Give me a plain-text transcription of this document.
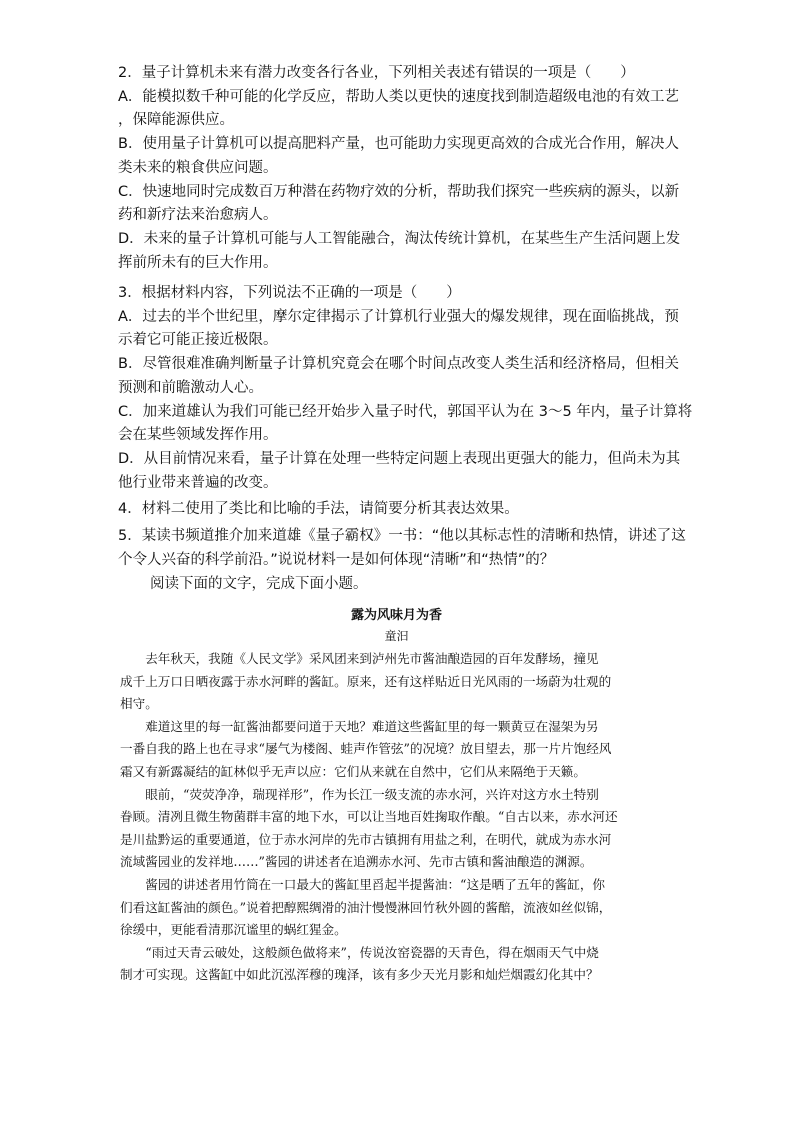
2．量子计算机未来有潜力改变各行各业，下列相关表述有错误的一项是（　　）

A．能模拟数千种可能的化学反应，帮助人类以更快的速度找到制造超级电池的有效工艺

，保障能源供应。

B．使用量子计算机可以提高肥料产量，也可能助力实现更高效的合成光合作用，解决人

类未来的粮食供应问题。

C．快速地同时完成数百万种潜在药物疗效的分析，帮助我们探究一些疾病的源头，以新

药和新疗法来治愈病人。

D．未来的量子计算机可能与人工智能融合，淘汰传统计算机，在某些生产生活问题上发

挥前所未有的巨大作用。

3．根据材料内容，下列说法不正确的一项是（　　）

A．过去的半个世纪里，摩尔定律揭示了计算机行业强大的爆发规律，现在面临挑战，预

示着它可能正接近极限。

B．尽管很难准确判断量子计算机究竟会在哪个时间点改变人类生活和经济格局，但相关

预测和前瞻激动人心。

C．加来道雄认为我们可能已经开始步入量子时代，郭国平认为在 3～5 年内，量子计算将

会在某些领域发挥作用。

D．从目前情况来看，量子计算在处理一些特定问题上表现出更强大的能力，但尚未为其

他行业带来普遍的改变。

4．材料二使用了类比和比喻的手法，请简要分析其表达效果。

5．某读书频道推介加来道雄《量子霸权》一书：“他以其标志性的清晰和热情，讲述了这

个令人兴奋的科学前沿。”说说材料一是如何体现“清晰”和“热情”的？

阅读下面的文字，完成下面小题。
露为风味月为香
童汩

　　去年秋天，我随《人民文学》采风团来到泸州先市酱油酿造园的百年发酵场，撞见

成千上万口日晒夜露于赤水河畔的酱缸。原来，还有这样贴近日光风雨的一场蔚为壮观的

相守。

　　难道这里的每一缸酱油都要问道于天地？难道这些酱缸里的每一颗黄豆在湿架为另

一番自我的路上也在寻求“屡气为楼阁、蛙声作管弦”的况境？放目望去，那一片片饱经风

霜又有新露凝结的缸林似乎无声以应：它们从来就在自然中，它们从来隔绝于天籁。

　　眼前，“荧荧净净，瑞现祥形”，作为长江一级支流的赤水河，兴许对这方水土特别

眷顾。清冽且微生物菌群丰富的地下水，可以让当地百姓掬取作酿。“自古以来，赤水河还

是川盐黔运的重要通道，位于赤水河岸的先市古镇拥有用盐之利，在明代，就成为赤水河

流域酱园业的发祥地……”酱园的讲述者在追溯赤水河、先市古镇和酱油酿造的渊源。

　　酱园的讲述者用竹筒在一口最大的酱缸里舀起半提酱油：“这是晒了五年的酱缸，你

们看这缸酱油的颜色。”说着把醇熙绸滑的油汁慢慢淋回竹秋外圆的酱醅，流液如丝似锦，

徐缓中，更能看清那沉谧里的蜗红猩金。

　　“雨过天青云破处，这般颜色做将来”，传说汝窑瓷器的天青色，得在烟雨天气中烧

制才可实现。这酱缸中如此沉泓浑穆的瑰泽，该有多少天光月影和灿烂烟霞幻化其中？
